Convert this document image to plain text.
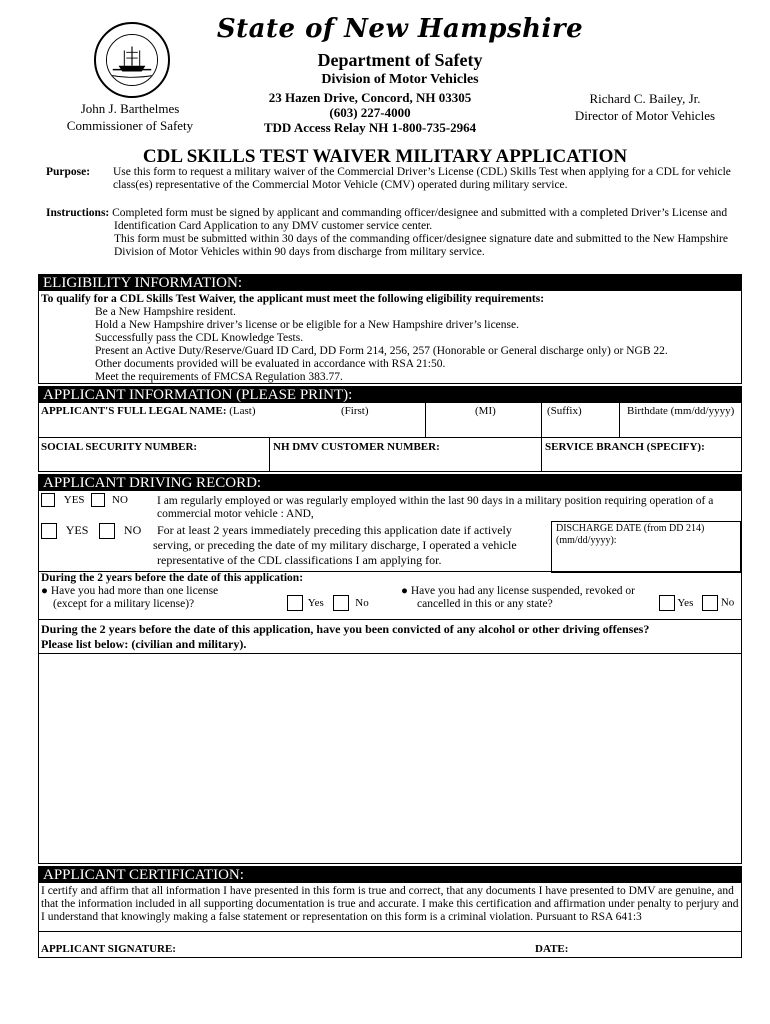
State of New Hampshire
Department of Safety
Division of Motor Vehicles
23 Hazen Drive, Concord, NH 03305
(603) 227-4000
TDD Access Relay NH 1-800-735-2964
John J. Barthelmes
Commissioner of Safety
Richard C. Bailey, Jr.
Director of Motor Vehicles
CDL SKILLS TEST WAIVER MILITARY APPLICATION
Purpose: Use this form to request a military waiver of the Commercial Driver’s License (CDL) Skills Test when applying for a CDL for vehicle
class(es) representative of the Commercial Motor Vehicle (CMV) operated during military service.
Instructions: Completed form must be signed by applicant and commanding officer/designee and submitted with a completed Driver’s License and
Identification Card Application to any DMV customer service center.
This form must be submitted within 30 days of the commanding officer/designee signature date and submitted to the New Hampshire
Division of Motor Vehicles within 90 days from discharge from military service.
ELIGIBILITY INFORMATION:
To qualify for a CDL Skills Test Waiver, the applicant must meet the following eligibility requirements:
Be a New Hampshire resident.
Hold a New Hampshire driver’s license or be eligible for a New Hampshire driver’s license.
Successfully pass the CDL Knowledge Tests.
Present an Active Duty/Reserve/Guard ID Card, DD Form 214, 256, 257 (Honorable or General discharge only) or NGB 22.
Other documents provided will be evaluated in accordance with RSA 21:50.
Meet the requirements of FMCSA Regulation 383.77.
APPLICANT INFORMATION (PLEASE PRINT):
APPLICANT'S FULL LEGAL NAME: (Last)	(First)	(MI)	(Suffix)	Birthdate (mm/dd/yyyy)
SOCIAL SECURITY NUMBER:	NH DMV CUSTOMER NUMBER:	SERVICE BRANCH (SPECIFY):
APPLICANT DRIVING RECORD:
YES	NO	I am regularly employed or was regularly employed within the last 90 days in a military position requiring operation of a
commercial motor vehicle : AND,
YES	NO For at least 2 years immediately preceding this application date if actively
serving, or preceding the date of my military discharge, I operated a vehicle
representative of the CDL classifications I am applying for.
DISCHARGE DATE (from DD 214)
(mm/dd/yyyy):
During the 2 years before the date of this application:
● Have you had more than one license
(except for a military license)?	Yes	No
● Have you had any license suspended, revoked or
cancelled in this or any state?	Yes	No
During the 2 years before the date of this application, have you been convicted of any alcohol or other driving offenses?
Please list below: (civilian and military).
APPLICANT CERTIFICATION:
I certify and affirm that all information I have presented in this form is true and correct, that any documents I have presented to DMV are genuine, and
that the information included in all supporting documentation is true and accurate. I make this certification and affirmation under penalty to perjury and
I understand that knowingly making a false statement or representation on this form is a criminal violation. Pursuant to RSA 641:3
APPLICANT SIGNATURE:	DATE:
